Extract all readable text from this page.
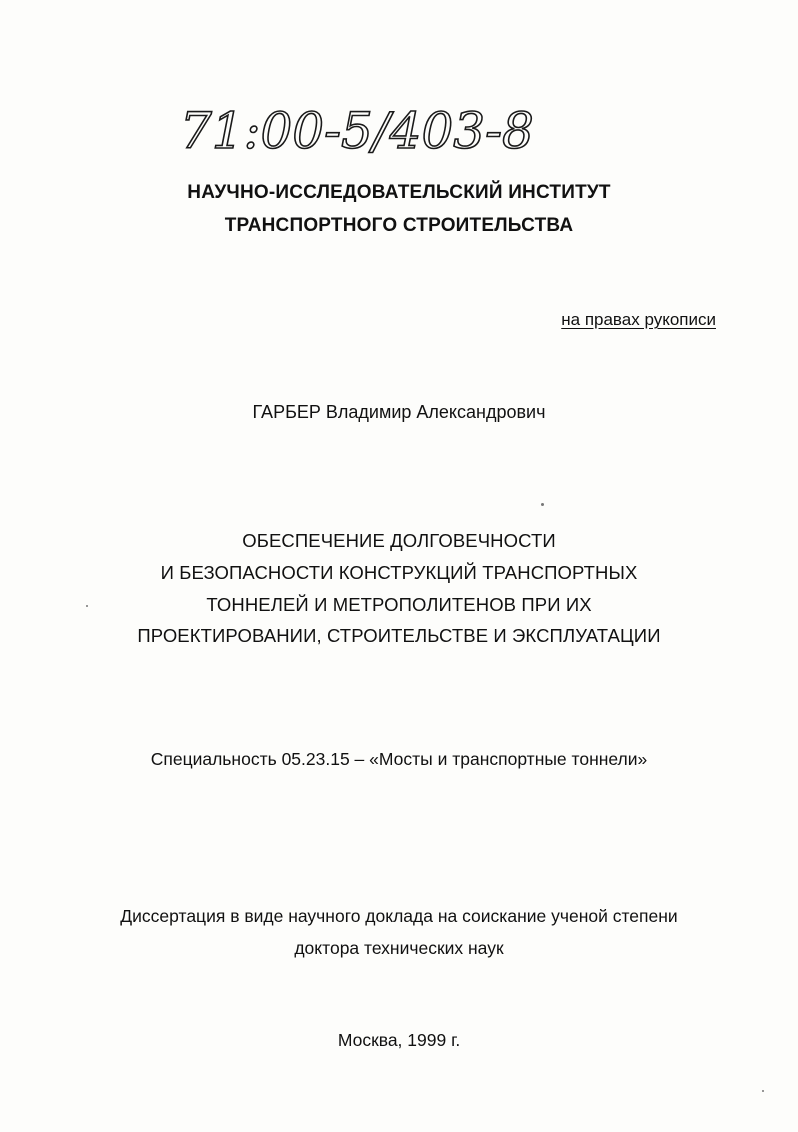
71:00-5/403-8
НАУЧНО-ИССЛЕДОВАТЕЛЬСКИЙ ИНСТИТУТ
ТРАНСПОРТНОГО СТРОИТЕЛЬСТВА
на правах рукописи
ГАРБЕР Владимир Александрович
ОБЕСПЕЧЕНИЕ ДОЛГОВЕЧНОСТИ
И БЕЗОПАСНОСТИ КОНСТРУКЦИЙ ТРАНСПОРТНЫХ
ТОННЕЛЕЙ И МЕТРОПОЛИТЕНОВ ПРИ ИХ
ПРОЕКТИРОВАНИИ, СТРОИТЕЛЬСТВЕ И ЭКСПЛУАТАЦИИ
Специальность 05.23.15 – «Мосты и транспортные тоннели»
Диссертация в виде научного доклада на соискание ученой степени
доктора технических наук
Москва, 1999 г.
